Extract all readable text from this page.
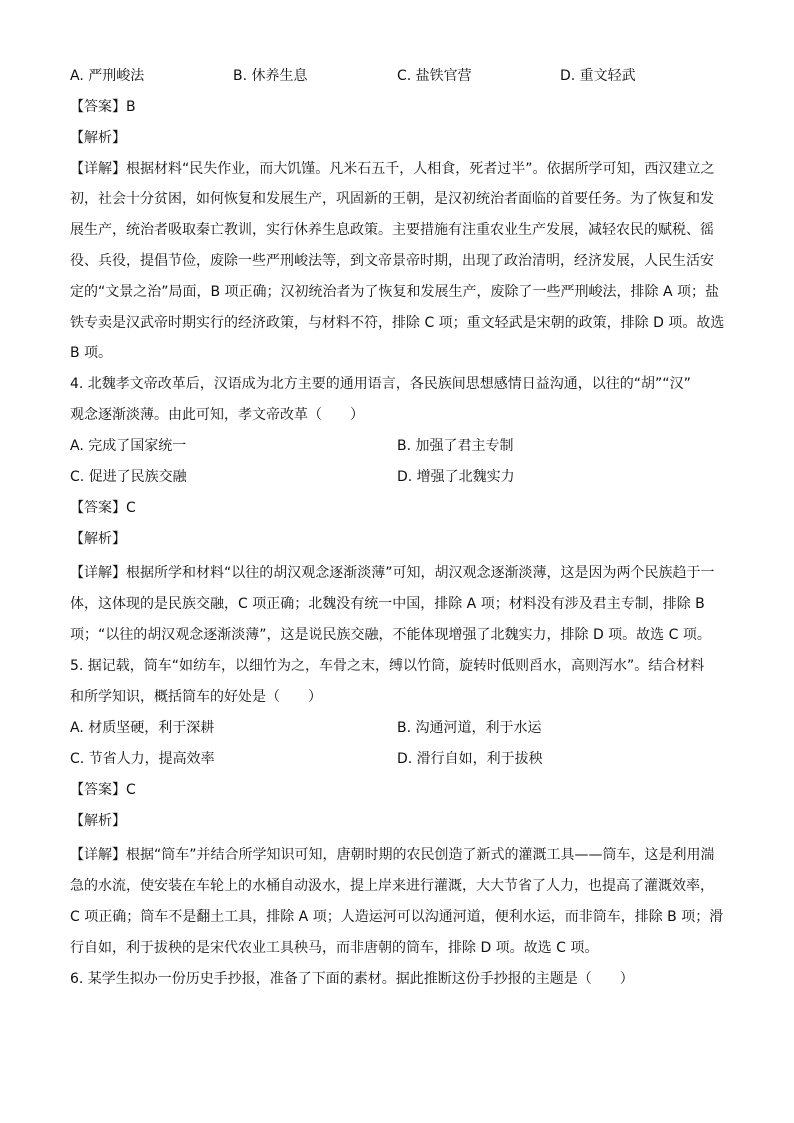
A. 严刑峻法	B. 休养生息	C. 盐铁官营	D. 重文轻武
【答案】B
【解析】
【详解】根据材料“民失作业，而大饥馑。凡米石五千，人相食，死者过半”。依据所学可知，西汉建立之
初，社会十分贫困，如何恢复和发展生产，巩固新的王朝，是汉初统治者面临的首要任务。为了恢复和发
展生产，统治者吸取秦亡教训，实行休养生息政策。主要措施有注重农业生产发展，减轻农民的赋税、徭
役、兵役，提倡节俭，废除一些严刑峻法等，到文帝景帝时期，出现了政治清明，经济发展，人民生活安
定的“文景之治”局面，B 项正确；汉初统治者为了恢复和发展生产，废除了一些严刑峻法，排除 A 项；盐
铁专卖是汉武帝时期实行的经济政策，与材料不符，排除 C 项；重文轻武是宋朝的政策，排除 D 项。故选
B 项。
4. 北魏孝文帝改革后，汉语成为北方主要的通用语言，各民族间思想感情日益沟通，以往的“胡”“汉”
观念逐渐淡薄。由此可知，孝文帝改革（　　）
A. 完成了国家统一	B. 加强了君主专制
C. 促进了民族交融	D. 增强了北魏实力
【答案】C
【解析】
【详解】根据所学和材料“以往的胡汉观念逐渐淡薄”可知，胡汉观念逐渐淡薄，这是因为两个民族趋于一
体，这体现的是民族交融，C 项正确；北魏没有统一中国，排除 A 项；材料没有涉及君主专制，排除 B
项；“以往的胡汉观念逐渐淡薄”，这是说民族交融，不能体现增强了北魏实力，排除 D 项。故选 C 项。
5. 据记载，筒车“如纺车，以细竹为之，车骨之末，缚以竹筒，旋转时低则舀水，高则泻水”。结合材料
和所学知识，概括筒车的好处是（　　）
A. 材质坚硬，利于深耕	B. 沟通河道，利于水运
C. 节省人力，提高效率	D. 滑行自如，利于拔秧
【答案】C
【解析】
【详解】根据“筒车”并结合所学知识可知，唐朝时期的农民创造了新式的灌溉工具——筒车，这是利用湍
急的水流，使安装在车轮上的水桶自动汲水，提上岸来进行灌溉，大大节省了人力，也提高了灌溉效率，
C 项正确；筒车不是翻土工具，排除 A 项；人造运河可以沟通河道，便利水运，而非筒车，排除 B 项；滑
行自如，利于拔秧的是宋代农业工具秧马，而非唐朝的筒车，排除 D 项。故选 C 项。
6. 某学生拟办一份历史手抄报，准备了下面的素材。据此推断这份手抄报的主题是（　　）
